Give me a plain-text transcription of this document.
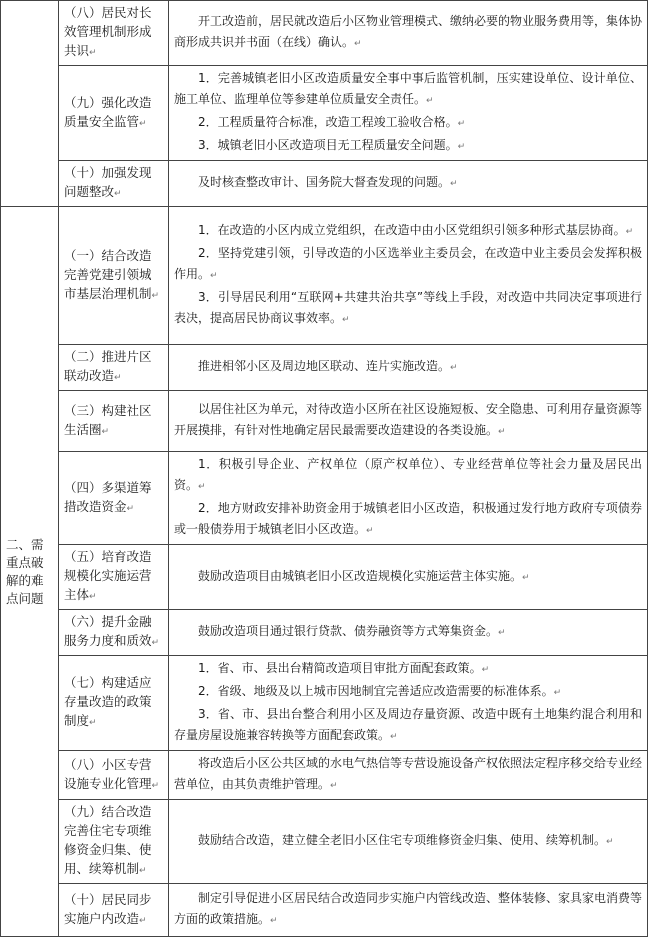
	（八）居民对长效管理机制形成共识↵	开工改造前，居民就改造后小区物业管理模式、缴纳必要的物业服务费用等，集体协商形成共识并书面（在线）确认。↵

	（九）强化改造质量安全监管↵	1．完善城镇老旧小区改造质量安全事中事后监管机制，压实建设单位、设计单位、施工单位、监理单位等参建单位质量安全责任。↵

2．工程质量符合标准，改造工程竣工验收合格。↵

3．城镇老旧小区改造项目无工程质量安全问题。↵

	（十）加强发现问题整改↵	及时核查整改审计、国务院大督查发现的问题。↵

二、需重点破解的难点问题	（一）结合改造完善党建引领城市基层治理机制↵	1．在改造的小区内成立党组织，在改造中由小区党组织引领多种形式基层协商。↵

2．坚持党建引领，引导改造的小区选举业主委员会，在改造中业主委员会发挥积极作用。↵

3．引导居民利用“互联网+共建共治共享”等线上手段，对改造中共同决定事项进行表决，提高居民协商议事效率。↵

	（二）推进片区联动改造↵	推进相邻小区及周边地区联动、连片实施改造。↵

	（三）构建社区生活圈↵	以居住社区为单元，对待改造小区所在社区设施短板、安全隐患、可利用存量资源等开展摸排，有针对性地确定居民最需要改造建设的各类设施。↵

	（四）多渠道筹措改造资金↵	1．积极引导企业、产权单位（原产权单位）、专业经营单位等社会力量及居民出资。↵

2．地方财政安排补助资金用于城镇老旧小区改造，积极通过发行地方政府专项债券或一般债券用于城镇老旧小区改造。↵

	（五）培育改造规模化实施运营主体↵	鼓励改造项目由城镇老旧小区改造规模化实施运营主体实施。↵

	（六）提升金融服务力度和质效↵	鼓励改造项目通过银行贷款、债券融资等方式筹集资金。↵

	（七）构建适应存量改造的政策制度↵	1．省、市、县出台精简改造项目审批方面配套政策。↵

2．省级、地级及以上城市因地制宜完善适应改造需要的标准体系。↵

3．省、市、县出台整合利用小区及周边存量资源、改造中既有土地集约混合利用和存量房屋设施兼容转换等方面配套政策。↵

	（八）小区专营设施专业化管理↵	将改造后小区公共区域的水电气热信等专营设施设备产权依照法定程序移交给专业经营单位，由其负责维护管理。↵

	（九）结合改造完善住宅专项维修资金归集、使用、续筹机制↵	鼓励结合改造，建立健全老旧小区住宅专项维修资金归集、使用、续筹机制。↵

	（十）居民同步实施户内改造↵	制定引导促进小区居民结合改造同步实施户内管线改造、整体装修、家具家电消费等方面的政策措施。↵
